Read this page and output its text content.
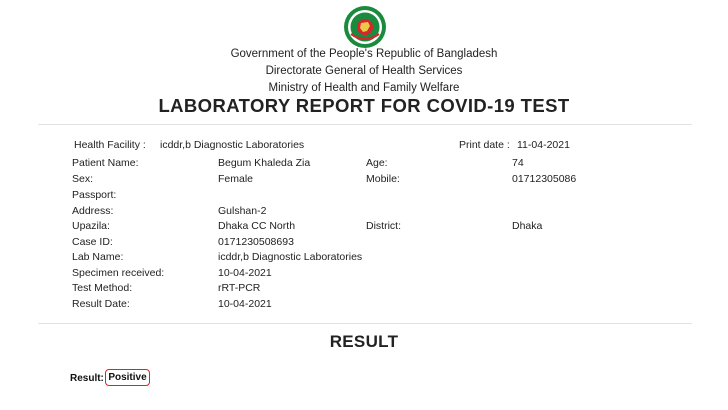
Government of the People's Republic of Bangladesh
Directorate General of Health Services
Ministry of Health and Family Welfare
LABORATORY REPORT FOR COVID-19 TEST
Health Facility : icddr,b Diagnostic Laboratories	Print date : 11-04-2021
Patient Name:	Begum Khaleda Zia	Age:	74
Sex:	Female	Mobile:	01712305086
Passport:
Address:	Gulshan-2
Upazila:	Dhaka CC North	District:	Dhaka
Case ID:	0171230508693
Lab Name:	icddr,b Diagnostic Laboratories
Specimen received:	10-04-2021
Test Method:	rRT-PCR
Result Date:	10-04-2021
RESULT
Result: Positive
